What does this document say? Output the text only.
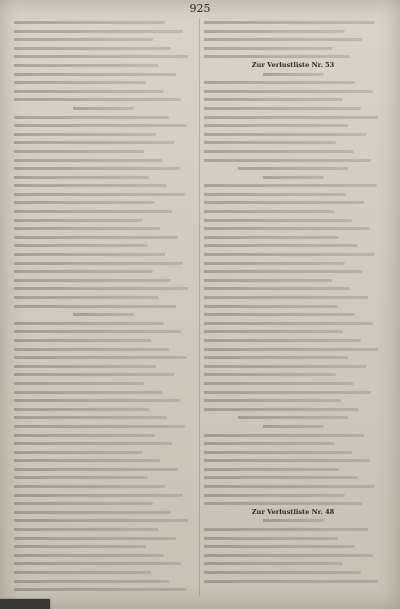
925
Zur Verlustliste Nr. 53
Zur Verlustliste Nr. 48
